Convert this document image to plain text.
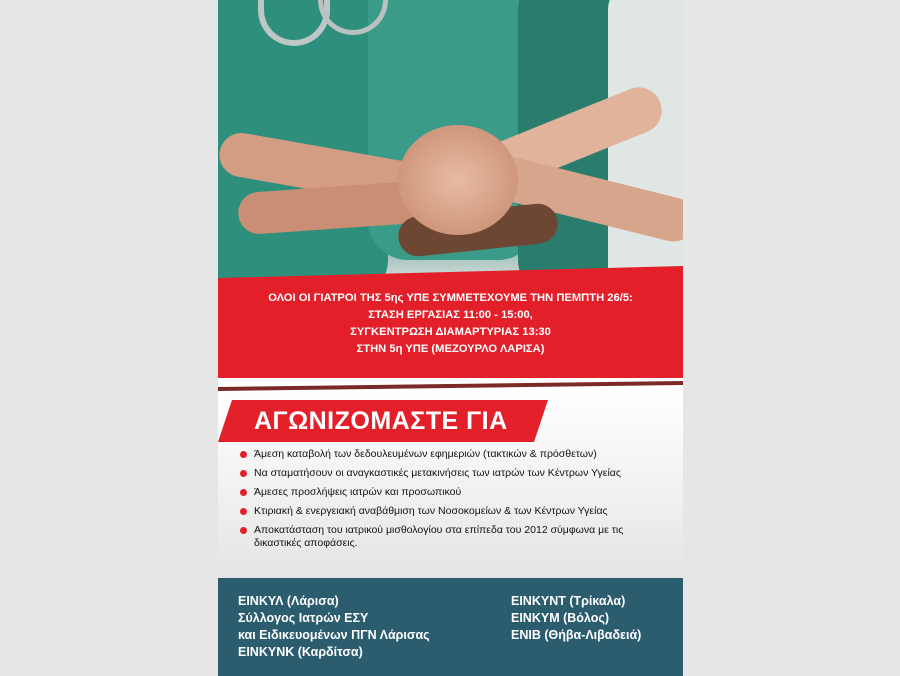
ΟΛΟΙ ΟΙ ΓΙΑΤΡΟΙ ΤΗΣ 5ης ΥΠΕ ΣΥΜΜΕΤΕΧΟΥΜΕ ΤΗΝ ΠΕΜΠΤΗ 26/5:
ΣΤΑΣΗ ΕΡΓΑΣΙΑΣ 11:00 - 15:00,
ΣΥΓΚΕΝΤΡΩΣΗ ΔΙΑΜΑΡΤΥΡΙΑΣ 13:30
ΣΤΗΝ 5η ΥΠΕ (ΜΕΖΟΥΡΛΟ ΛΑΡΙΣΑ)
ΑΓΩΝΙΖΟΜΑΣΤΕ ΓΙΑ
Άμεση καταβολή των δεδουλευμένων εφημεριών (τακτικών & πρόσθετων)
Να σταματήσουν οι αναγκαστικές μετακινήσεις των ιατρών των Κέντρων Υγείας
Άμεσες προσλήψεις ιατρών και προσωπικού
Κτιριακή & ενεργειακή αναβάθμιση των Νοσοκομείων & των Κέντρων Υγείας
Αποκατάσταση του ιατρικού μισθολογίου στα επίπεδα του 2012 σύμφωνα με τις δικαστικές αποφάσεις.
ΕΙΝΚΥΛ (Λάρισα)
Σύλλογος Ιατρών ΕΣΥ
και Ειδικευομένων ΠΓΝ Λάρισας
ΕΙΝΚΥΝΚ (Καρδίτσα)
ΕΙΝΚΥΝΤ (Τρίκαλα)
ΕΙΝΚΥΜ (Βόλος)
ΕΝΙΒ (Θήβα-Λιβαδειά)
